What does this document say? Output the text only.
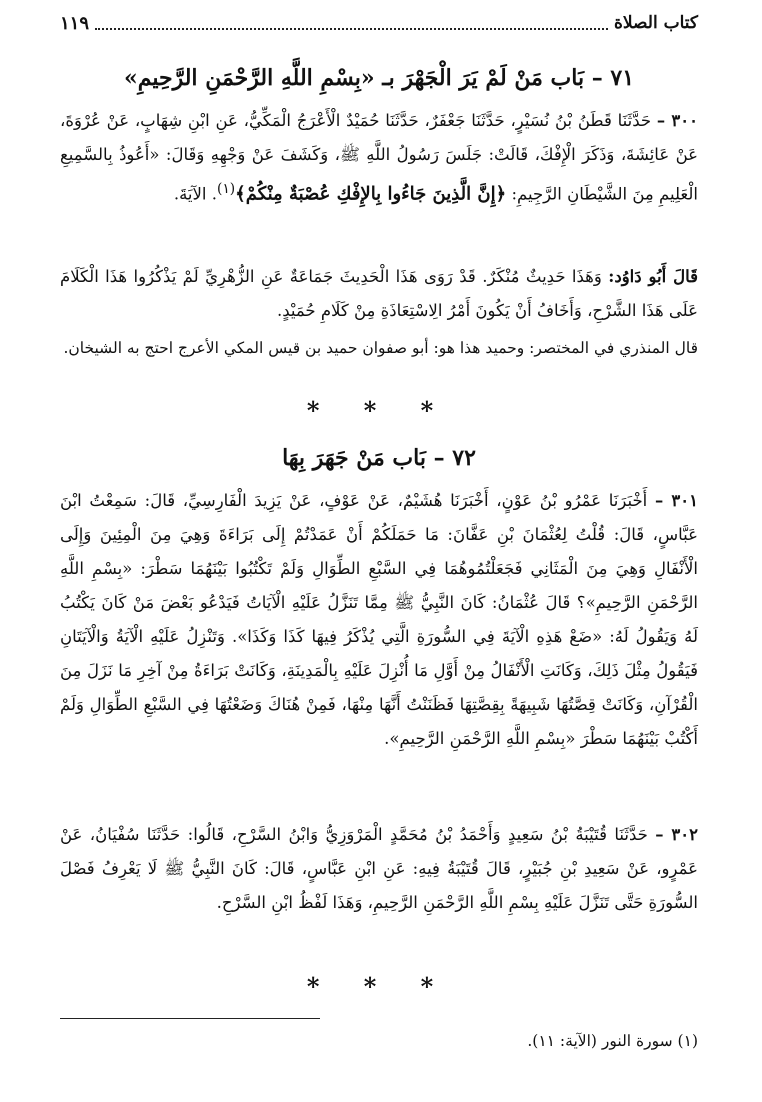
كتاب الصلاة
١١٩
٧١ – بَاب مَنْ لَمْ يَرَ الْجَهْرَ بـ «بِسْمِ اللَّهِ الرَّحْمَنِ الرَّحِيمِ»

٣٠٠ – حَدَّثَنَا قَطَنُ بْنُ نُسَيْرٍ، حَدَّثَنَا جَعْفَرٌ، حَدَّثَنَا حُمَيْدٌ الْأَعْرَجُ الْمَكِّيُّ، عَنِ ابْنِ شِهَابٍ، عَنْ عُرْوَةَ، عَنْ عَائِشَةَ، وَذَكَرَ الْإِفْكَ، قَالَتْ: جَلَسَ رَسُولُ اللَّهِ ﷺ، وَكَشَفَ عَنْ وَجْهِهِ وَقَالَ: «أَعُوذُ بِالسَّمِيعِ الْعَلِيمِ مِنَ الشَّيْطَانِ الرَّجِيمِ: ﴿إِنَّ الَّذِينَ جَاءُوا بِالإِفْكِ عُصْبَةٌ مِنْكُمْ﴾$^{(١)}$. الآيَةَ.

قَالَ أَبُو دَاوُد: وَهَذَا حَدِيثٌ مُنْكَرٌ. قَدْ رَوَى هَذَا الْحَدِيثَ جَمَاعَةٌ عَنِ الزُّهْرِيِّ لَمْ يَذْكُرُوا هَذَا الْكَلَامَ عَلَى هَذَا الشَّرْحِ، وَأَخَافُ أَنْ يَكُونَ أَمْرُ الِاسْتِعَاذَةِ مِنْ كَلَامِ حُمَيْدٍ.

قال المنذري في المختصر: وحميد هذا هو: أبو صفوان حميد بن قيس المكي الأعرج احتج به الشيخان.
* * *
٧٢ – بَاب مَنْ جَهَرَ بِهَا

٣٠١ – أَخْبَرَنَا عَمْرُو بْنُ عَوْنٍ، أَخْبَرَنَا هُشَيْمٌ، عَنْ عَوْفٍ، عَنْ يَزِيدَ الْفَارِسِيِّ، قَالَ: سَمِعْتُ ابْنَ عَبَّاسٍ، قَالَ: قُلْتُ لِعُثْمَانَ بْنِ عَفَّانَ: مَا حَمَلَكُمْ أَنْ عَمَدْتُمْ إِلَى بَرَاءَةَ وَهِيَ مِنَ الْمِئِينَ وَإِلَى الْأَنْفَالِ وَهِيَ مِنَ الْمَثَانِي فَجَعَلْتُمُوهُمَا فِي السَّبْعِ الطِّوَالِ وَلَمْ تَكْتُبُوا بَيْنَهُمَا سَطْرَ: «بِسْمِ اللَّهِ الرَّحْمَنِ الرَّحِيمِ»؟ قَالَ عُثْمَانُ: كَانَ النَّبِيُّ ﷺ مِمَّا تَنَزَّلُ عَلَيْهِ الْآيَاتُ فَيَدْعُو بَعْضَ مَنْ كَانَ يَكْتُبُ لَهُ وَيَقُولُ لَهُ: «ضَعْ هَذِهِ الْآيَةَ فِي السُّورَةِ الَّتِي يُذْكَرُ فِيهَا كَذَا وَكَذَا». وَتَنْزِلُ عَلَيْهِ الْآيَةُ وَالْآيَتَانِ فَيَقُولُ مِثْلَ ذَلِكَ، وَكَانَتِ الْأَنْفَالُ مِنْ أَوَّلِ مَا أُنْزِلَ عَلَيْهِ بِالْمَدِينَةِ، وَكَانَتْ بَرَاءَةُ مِنْ آخِرِ مَا نَزَلَ مِنَ الْقُرْآنِ، وَكَانَتْ قِصَّتُهَا شَبِيهَةً بِقِصَّتِهَا فَظَنَنْتُ أَنَّهَا مِنْهَا، فَمِنْ هُنَاكَ وَضَعْتُهَا فِي السَّبْعِ الطِّوَالِ وَلَمْ أَكْتُبْ بَيْنَهُمَا سَطْرَ «بِسْمِ اللَّهِ الرَّحْمَنِ الرَّحِيمِ».

٣٠٢ – حَدَّثَنَا قُتَيْبَةُ بْنُ سَعِيدٍ وَأَحْمَدُ بْنُ مُحَمَّدٍ الْمَرْوَزِيُّ وَابْنُ السَّرْحِ، قَالُوا: حَدَّثَنَا سُفْيَانُ، عَنْ عَمْرٍو، عَنْ سَعِيدِ بْنِ جُبَيْرٍ، قَالَ قُتَيْبَةُ فِيهِ: عَنِ ابْنِ عَبَّاسٍ، قَالَ: كَانَ النَّبِيُّ ﷺ لَا يَعْرِفُ فَصْلَ السُّورَةِ حَتَّى تَنَزَّلَ عَلَيْهِ بِسْمِ اللَّهِ الرَّحْمَنِ الرَّحِيمِ، وَهَذَا لَفْظُ ابْنِ السَّرْحِ.

* * *
(١) سورة النور (الآية: ١١).
